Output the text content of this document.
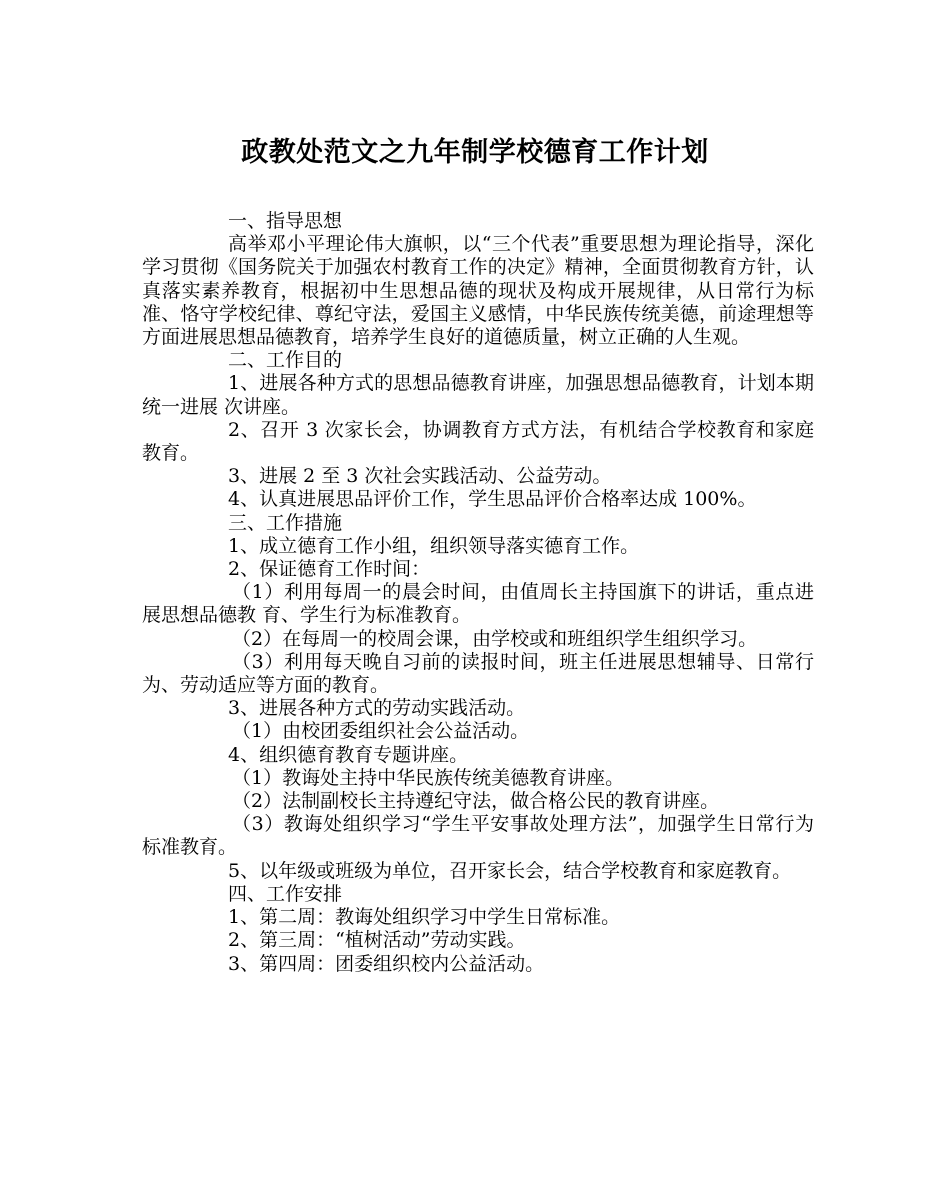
政教处范文之九年制学校德育工作计划

一、指导思想

高举邓小平理论伟大旗帜，以“三个代表”重要思想为理论指导，深化学习贯彻《国务院关于加强农村教育工作的决定》精神，全面贯彻教育方针，认真落实素养教育，根据初中生思想品德的现状及构成开展规律，从日常行为标准、恪守学校纪律、尊纪守法，爱国主义感情，中华民族传统美德，前途理想等方面进展思想品德教育，培养学生良好的道德质量，树立正确的人生观。

二、工作目的

1、进展各种方式的思想品德教育讲座，加强思想品德教育，计划本期统一进展 次讲座。

2、召开 3 次家长会，协调教育方式方法，有机结合学校教育和家庭教育。

3、进展 2 至 3 次社会实践活动、公益劳动。

4、认真进展思品评价工作，学生思品评价合格率达成 100%。

三、工作措施

1、成立德育工作小组，组织领导落实德育工作。

2、保证德育工作时间：

（1）利用每周一的晨会时间，由值周长主持国旗下的讲话，重点进展思想品德教 育、学生行为标准教育。

（2）在每周一的校周会课，由学校或和班组织学生组织学习。

（3）利用每天晚自习前的读报时间，班主任进展思想辅导、日常行为、劳动适应等方面的教育。

3、进展各种方式的劳动实践活动。

（1）由校团委组织社会公益活动。

4、组织德育教育专题讲座。

（1）教诲处主持中华民族传统美德教育讲座。

（2）法制副校长主持遵纪守法，做合格公民的教育讲座。

（3）教诲处组织学习“学生平安事故处理方法”，加强学生日常行为标准教育。

5、以年级或班级为单位，召开家长会，结合学校教育和家庭教育。

四、工作安排

1、第二周：教诲处组织学习中学生日常标准。

2、第三周：“植树活动”劳动实践。

3、第四周：团委组织校内公益活动。
